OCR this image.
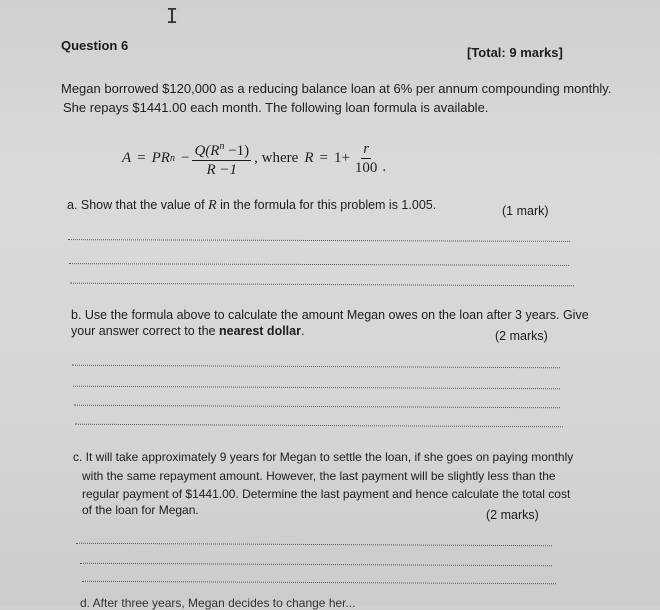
I
Question 6	[Total: 9 marks]
Megan borrowed $120,000 as a reducing balance loan at 6% per annum compounding monthly.
She repays $1441.00 each month. The following loan formula is available.
A = PR $n - \frac{Q(R^n -1)}{R -1}$ , where $R = 1+ \frac{r}{100}$ .
a. Show that the value of R in the formula for this problem is 1.005.	(1 mark)
b. Use the formula above to calculate the amount Megan owes on the loan after 3 years. Give
your answer correct to the nearest dollar.	(2 marks)
c. It will take approximately 9 years for Megan to settle the loan, if she goes on paying monthly
with the same repayment amount. However, the last payment will be slightly less than the
regular payment of $1441.00. Determine the last payment and hence calculate the total cost
of the loan for Megan.	(2 marks)
d. After three years, Megan decides to change her...
